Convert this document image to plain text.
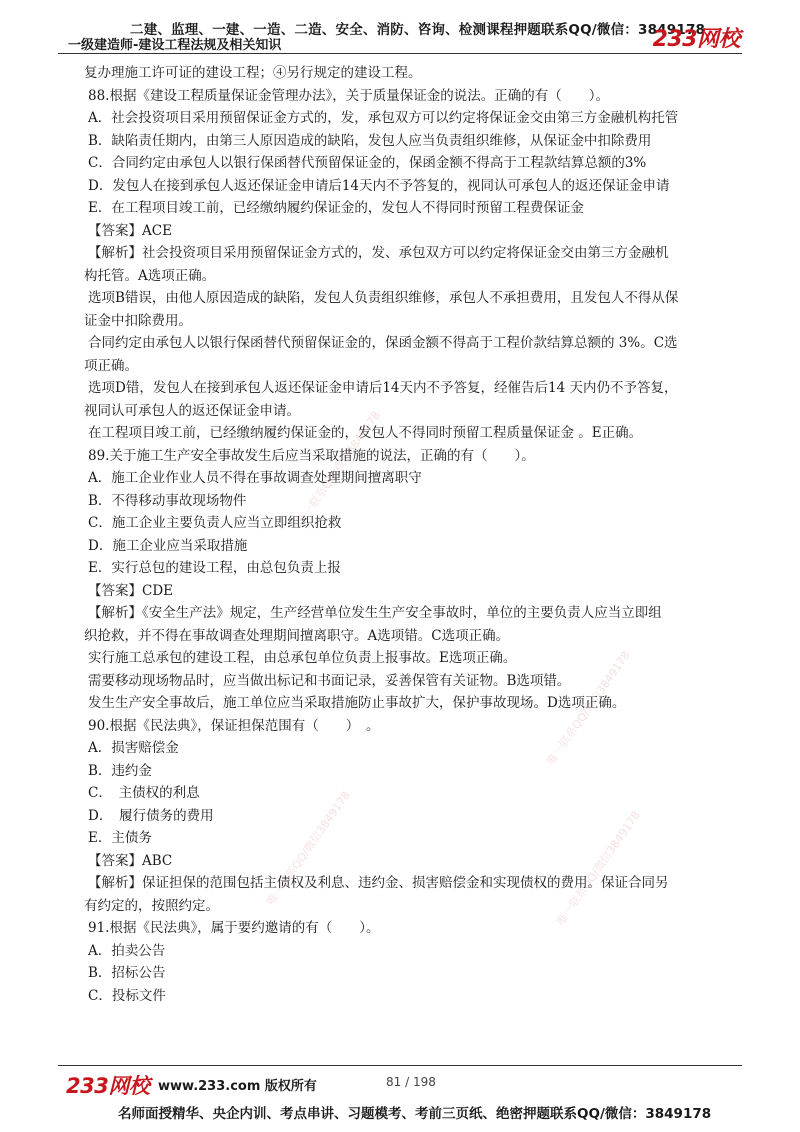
二建、监理、一建、一造、二造、安全、消防、咨询、检测课程押题联系QQ/微信：3849178
一级建造师-建设工程法规及相关知识	233网校
唯一联系QQ/微信3849178
唯一联系QQ/微信3849178
唯一联系QQ/微信3849178	唯一联系QQ/微信3849178
复办理施工许可证的建设工程；④另行规定的建设工程。
88.根据《建设工程质量保证金管理办法》，关于质量保证金的说法。正确的有（　　）。
A．社会投资项目采用预留保证金方式的，发，承包双方可以约定将保证金交由第三方金融机构托管
B．缺陷责任期内，由第三人原因造成的缺陷，发包人应当负责组织维修，从保证金中扣除费用
C．合同约定由承包人以银行保函替代预留保证金的，保函金额不得高于工程款结算总额的3%
D．发包人在接到承包人返还保证金申请后14天内不予答复的，视同认可承包人的返还保证金申请
E．在工程项目竣工前，已经缴纳履约保证金的，发包人不得同时预留工程费保证金
【答案】ACE
【解析】社会投资项目采用预留保证金方式的，发、承包双方可以约定将保证金交由第三方金融机
构托管。A选项正确。
选项B错误，由他人原因造成的缺陷，发包人负责组织维修，承包人不承担费用，且发包人不得从保
证金中扣除费用。
合同约定由承包人以银行保函替代预留保证金的，保函金额不得高于工程价款结算总额的 3%。C选
项正确。
选项D错，发包人在接到承包人返还保证金申请后14天内不予答复，经催告后14 天内仍不予答复，
视同认可承包人的返还保证金申请。
在工程项目竣工前，已经缴纳履约保证金的，发包人不得同时预留工程质量保证金 。E正确。
89.关于施工生产安全事故发生后应当采取措施的说法，正确的有（　　）。
A．施工企业作业人员不得在事故调查处理期间擅离职守
B．不得移动事故现场物件
C．施工企业主要负责人应当立即组织抢救
D．施工企业应当采取措施
E．实行总包的建设工程，由总包负责上报
【答案】CDE
【解析】《安全生产法》规定，生产经营单位发生生产安全事故时，单位的主要负责人应当立即组
织抢救，并不得在事故调查处理期间擅离职守。A选项错。C选项正确。
实行施工总承包的建设工程，由总承包单位负责上报事故。E选项正确。
需要移动现场物品时，应当做出标记和书面记录，妥善保管有关证物。B选项错。
发生生产安全事故后，施工单位应当采取措施防止事故扩大，保护事故现场。D选项正确。
90.根据《民法典》，保证担保范围有（　　）　。
A．损害赔偿金
B．违约金
C．　主债权的利息
D．　履行债务的费用
E．主债务
【答案】ABC
【解析】保证担保的范围包括主债权及利息、违约金、损害赔偿金和实现债权的费用。保证合同另
有约定的，按照约定。
91.根据《民法典》，属于要约邀请的有（　　）。
A．拍卖公告
B．招标公告
C．投标文件
233网校 www.233.com 版权所有	81 / 198
名师面授精华、央企内训、考点串讲、习题模考、考前三页纸、绝密押题联系QQ/微信：3849178
